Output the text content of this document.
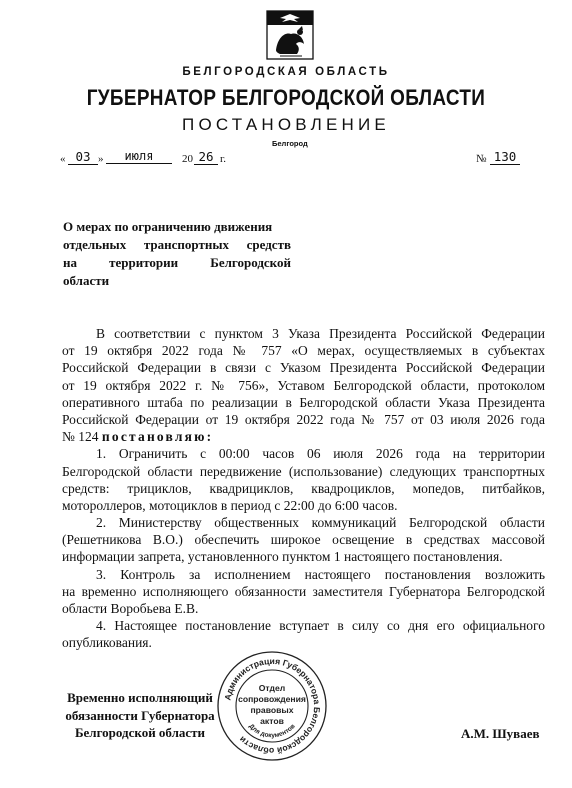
БЕЛГОРОДСКАЯ ОБЛАСТЬ
ГУБЕРНАТОР БЕЛГОРОДСКОЙ ОБЛАСТИ
ПОСТАНОВЛЕНИЕ
Белгород
« 03 »	июля	20 26 г.	№ 130
О мерах по ограничению движения
отдельных транспортных средств
на территории Белгородской
области
В соответствии с пунктом 3 Указа Президента Российской Федерации
от 19 октября 2022 года № 757 «О мерах, осуществляемых в субъектах
Российской Федерации в связи с Указом Президента Российской Федерации
от 19 октября 2022 г. № 756», Уставом Белгородской области, протоколом
оперативного штаба по реализации в Белгородской области Указа Президента
Российской Федерации от 19 октября 2022 года № 757 от 03 июля 2026 года
№ 124 постановляю:
1. Ограничить с 00:00 часов 06 июля 2026 года на территории
Белгородской области передвижение (использование) следующих транспортных
средств: трициклов, квадрициклов, квадроциклов, мопедов, питбайков,
мотороллеров, мотоциклов в период с 22:00 до 6:00 часов.
2. Министерству общественных коммуникаций Белгородской области
(Решетникова В.О.) обеспечить широкое освещение в средствах массовой
информации запрета, установленного пунктом 1 настоящего постановления.
3. Контроль за исполнением настоящего постановления возложить
на временно исполняющего обязанности заместителя Губернатора Белгородской
области Воробьева Е.В.
4. Настоящее постановление вступает в силу со дня его официального
опубликования.
Временно исполняющий
обязанности Губернатора
Белгородской области	А.М. Шуваев
Администрация Губернатора Белгородской области
Отдел
сопровождения
правовых
актов
Для документов
